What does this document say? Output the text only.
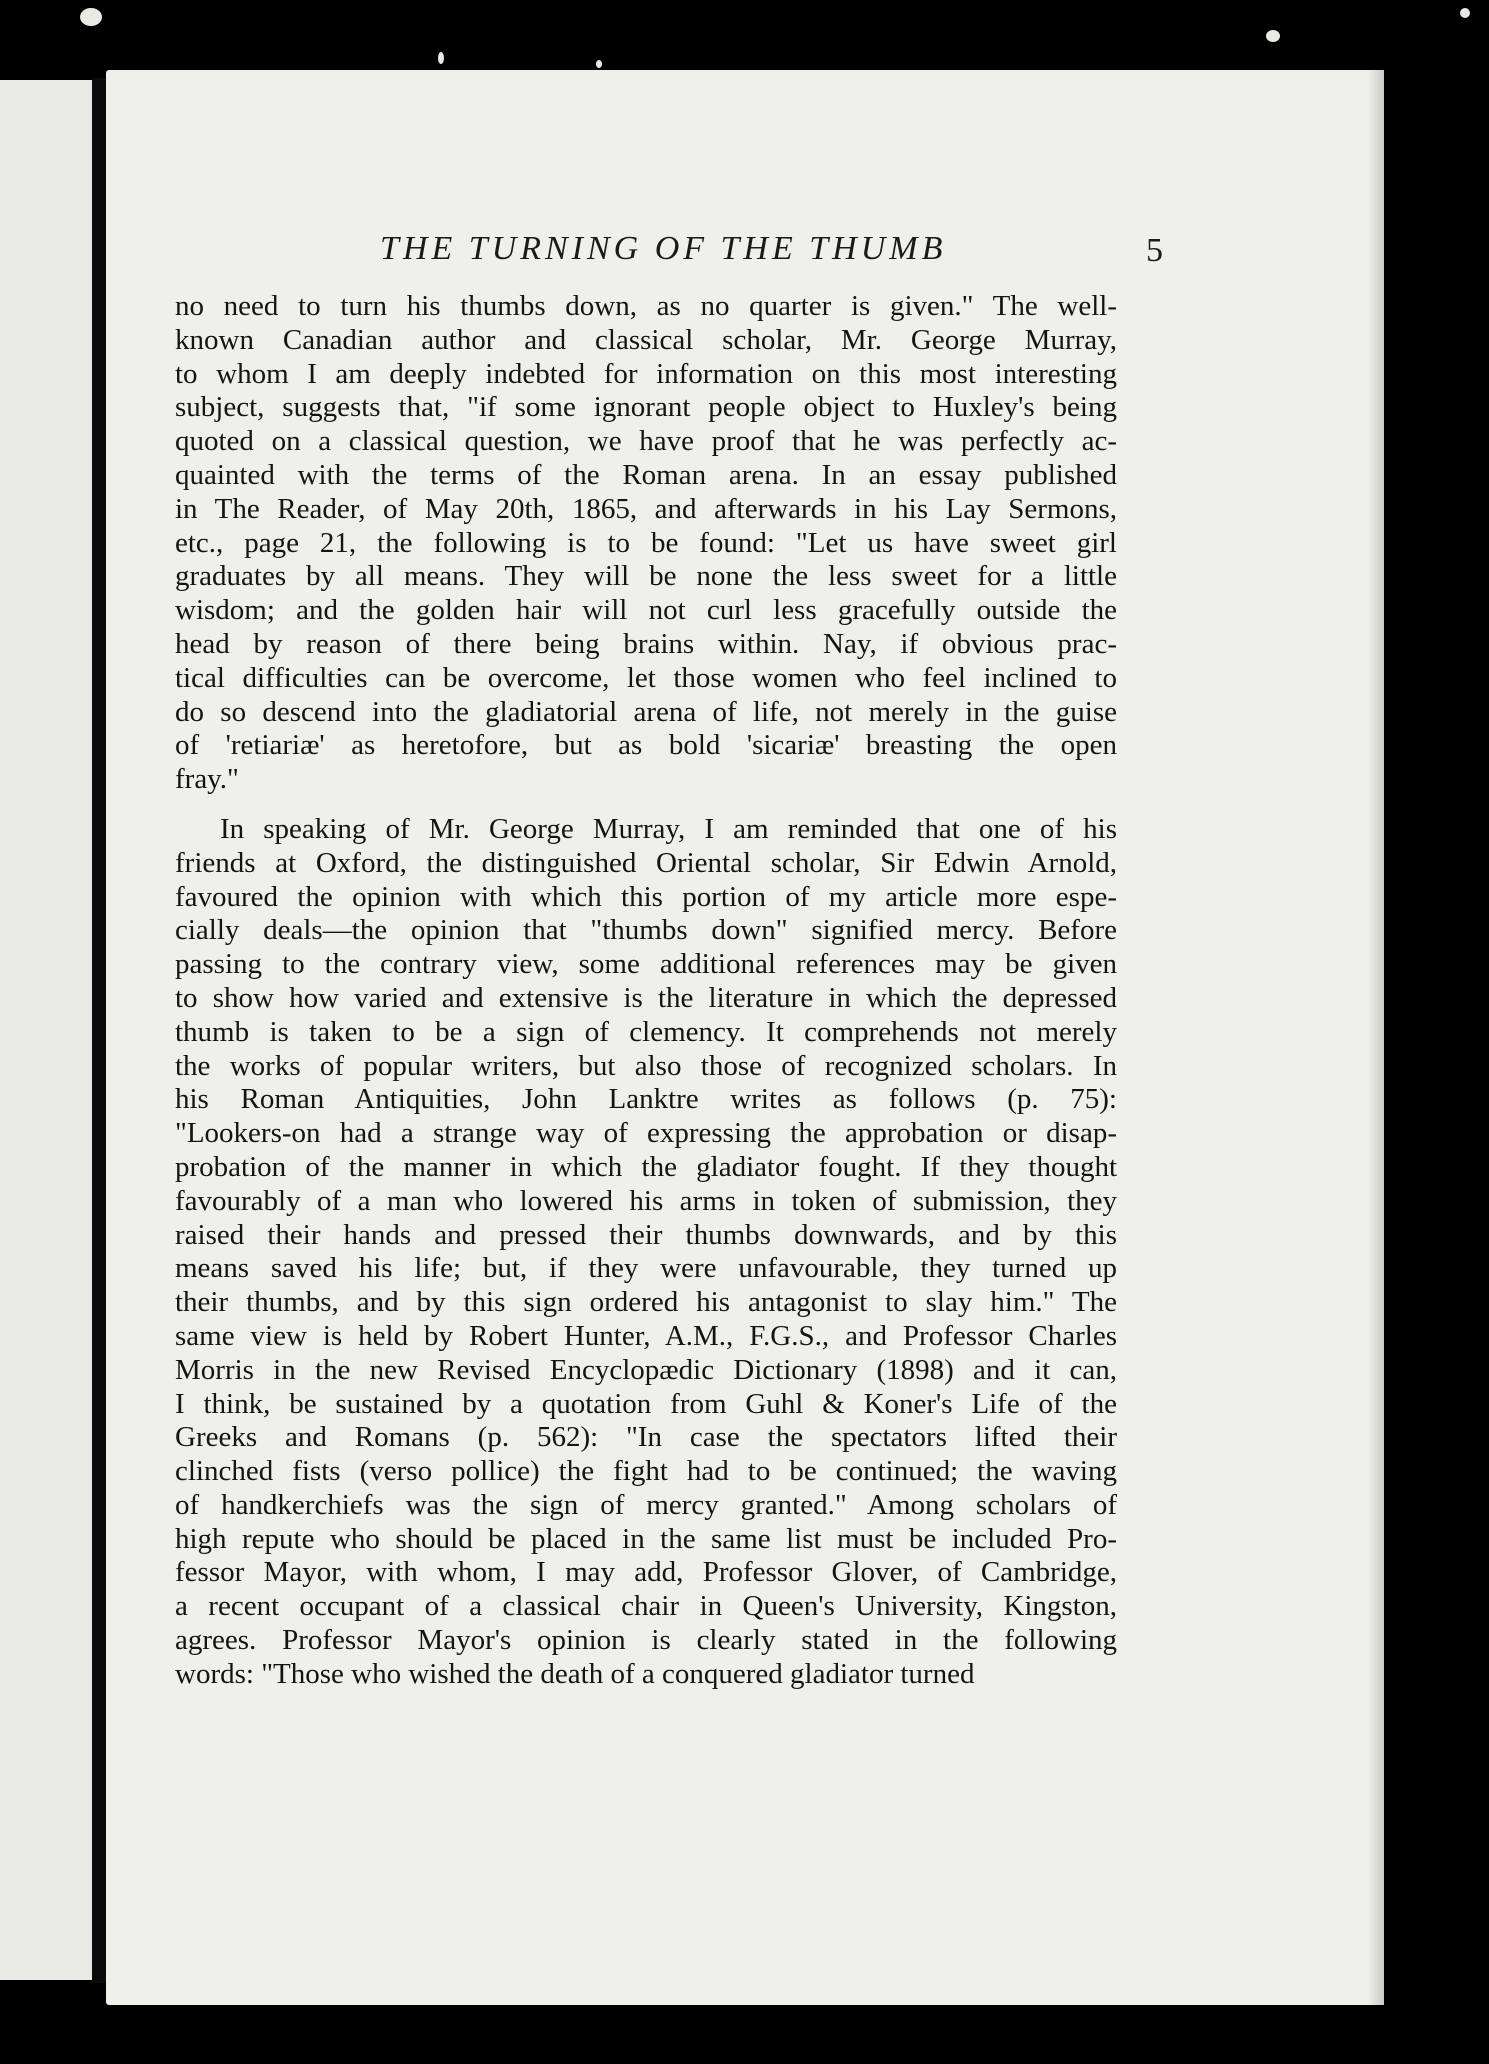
THE TURNING OF THE THUMB	5
no need to turn his thumbs down, as no quarter is given." The well-
known Canadian author and classical scholar, Mr. George Murray,
to whom I am deeply indebted for information on this most interesting
subject, suggests that, "if some ignorant people object to Huxley's being
quoted on a classical question, we have proof that he was perfectly ac-
quainted with the terms of the Roman arena. In an essay published
in The Reader, of May 20th, 1865, and afterwards in his Lay Sermons,
etc., page 21, the following is to be found: "Let us have sweet girl
graduates by all means. They will be none the less sweet for a little
wisdom; and the golden hair will not curl less gracefully outside the
head by reason of there being brains within. Nay, if obvious prac-
tical difficulties can be overcome, let those women who feel inclined to
do so descend into the gladiatorial arena of life, not merely in the guise
of 'retiariæ' as heretofore, but as bold 'sicariæ' breasting the open
fray."
In speaking of Mr. George Murray, I am reminded that one of his
friends at Oxford, the distinguished Oriental scholar, Sir Edwin Arnold,
favoured the opinion with which this portion of my article more espe-
cially deals—the opinion that "thumbs down" signified mercy. Before
passing to the contrary view, some additional references may be given
to show how varied and extensive is the literature in which the depressed
thumb is taken to be a sign of clemency. It comprehends not merely
the works of popular writers, but also those of recognized scholars. In
his Roman Antiquities, John Lanktre writes as follows (p. 75):
"Lookers-on had a strange way of expressing the approbation or disap-
probation of the manner in which the gladiator fought. If they thought
favourably of a man who lowered his arms in token of submission, they
raised their hands and pressed their thumbs downwards, and by this
means saved his life; but, if they were unfavourable, they turned up
their thumbs, and by this sign ordered his antagonist to slay him." The
same view is held by Robert Hunter, A.M., F.G.S., and Professor Charles
Morris in the new Revised Encyclopædic Dictionary (1898) and it can,
I think, be sustained by a quotation from Guhl & Koner's Life of the
Greeks and Romans (p. 562): "In case the spectators lifted their
clinched fists (verso pollice) the fight had to be continued; the waving
of handkerchiefs was the sign of mercy granted." Among scholars of
high repute who should be placed in the same list must be included Pro-
fessor Mayor, with whom, I may add, Professor Glover, of Cambridge,
a recent occupant of a classical chair in Queen's University, Kingston,
agrees. Professor Mayor's opinion is clearly stated in the following
words: "Those who wished the death of a conquered gladiator turned
